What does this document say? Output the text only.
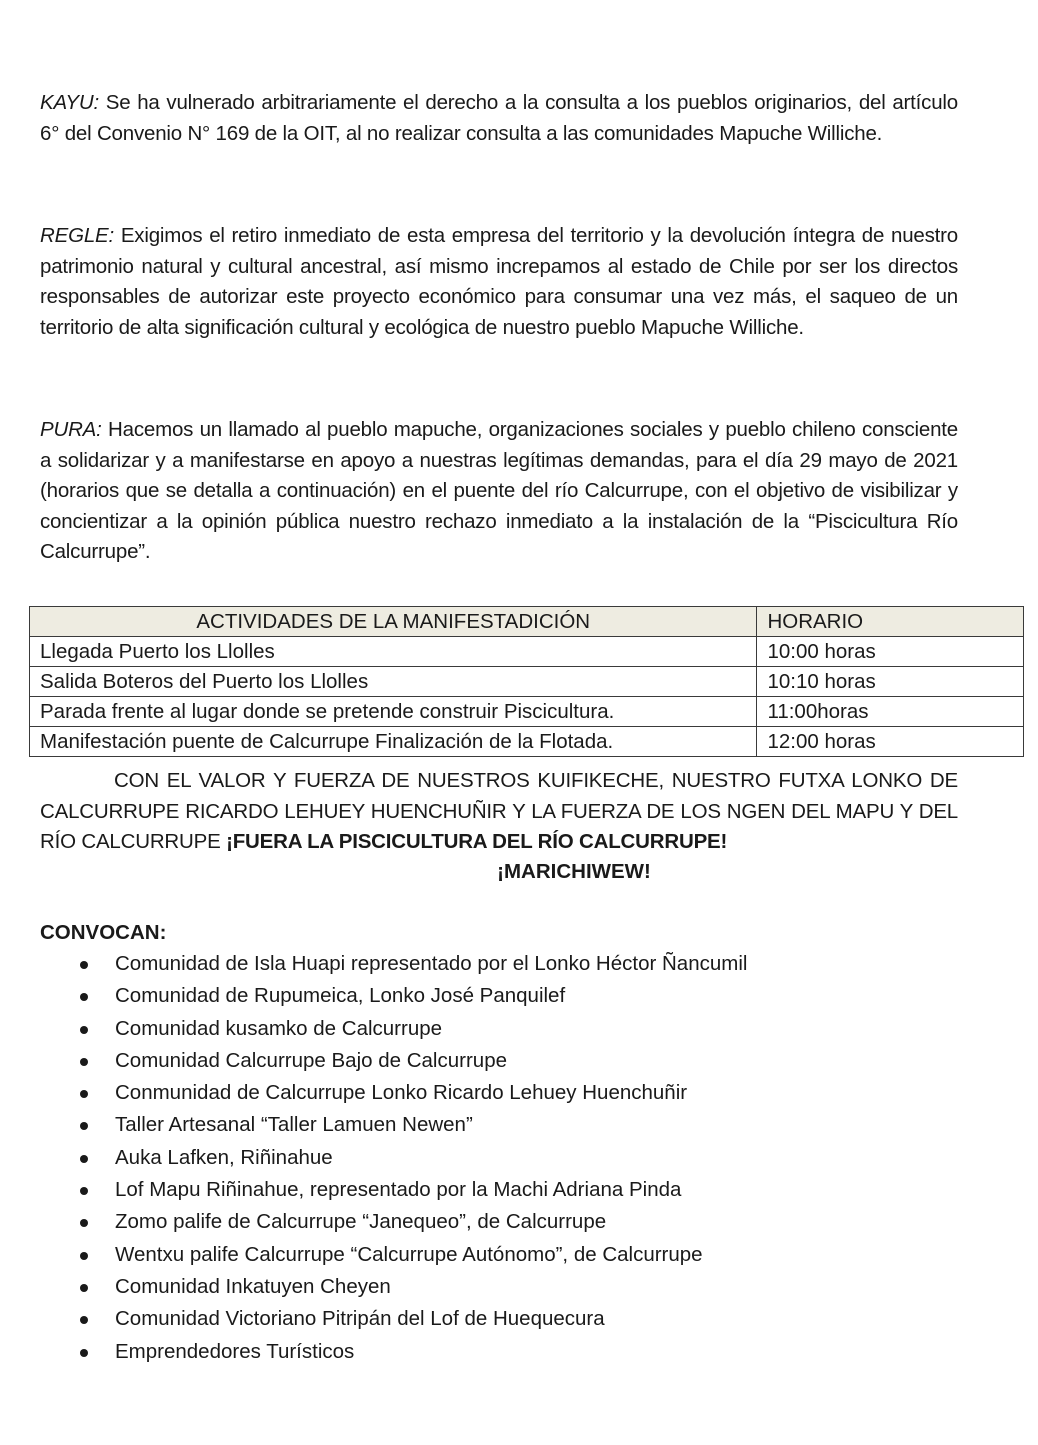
KAYU: Se ha vulnerado arbitrariamente el derecho a la consulta a los pueblos originarios, del artículo 6° del Convenio N° 169 de la OIT, al no realizar consulta a las comunidades Mapuche Williche.

REGLE: Exigimos el retiro inmediato de esta empresa del territorio y la devolución íntegra de nuestro patrimonio natural y cultural ancestral, así mismo increpamos al estado de Chile por ser los directos responsables de autorizar este proyecto económico para consumar una vez más, el saqueo de un territorio de alta significación cultural y ecológica de nuestro pueblo Mapuche Williche.

PURA: Hacemos un llamado al pueblo mapuche, organizaciones sociales y pueblo chileno consciente a solidarizar y a manifestarse en apoyo a nuestras legítimas demandas, para el día 29 mayo de 2021 (horarios que se detalla a continuación) en el puente del río Calcurrupe, con el objetivo de visibilizar y concientizar a la opinión pública nuestro rechazo inmediato a la instalación de la “Piscicultura Río Calcurrupe”.

ACTIVIDADES DE LA MANIFESTADICIÓN	HORARIO
Llegada Puerto los Llolles	10:00 horas
Salida Boteros del Puerto los Llolles	10:10 horas
Parada frente al lugar donde se pretende construir Piscicultura.	11:00horas
Manifestación puente de Calcurrupe Finalización de la Flotada.	12:00 horas
CON EL VALOR Y FUERZA DE NUESTROS KUIFIKECHE, NUESTRO FUTXA LONKO DE CALCURRUPE RICARDO LEHUEY HUENCHUÑIR Y LA FUERZA DE LOS NGEN DEL MAPU Y DEL RÍO CALCURRUPE ¡FUERA LA PISCICULTURA DEL RÍO CALCURRUPE!
¡MARICHIWEW!
CONVOCAN:
Comunidad de Isla Huapi representado por el Lonko Héctor Ñancumil
Comunidad de Rupumeica, Lonko José Panquilef
Comunidad kusamko de Calcurrupe
Comunidad Calcurrupe Bajo de Calcurrupe
Conmunidad de Calcurrupe Lonko Ricardo Lehuey Huenchuñir
Taller Artesanal “Taller Lamuen Newen”
Auka Lafken, Riñinahue
Lof Mapu Riñinahue, representado por la Machi Adriana Pinda
Zomo palife de Calcurrupe “Janequeo”, de Calcurrupe
Wentxu palife Calcurrupe “Calcurrupe Autónomo”, de Calcurrupe
Comunidad Inkatuyen Cheyen
Comunidad Victoriano Pitripán del Lof de Huequecura
Emprendedores Turísticos
